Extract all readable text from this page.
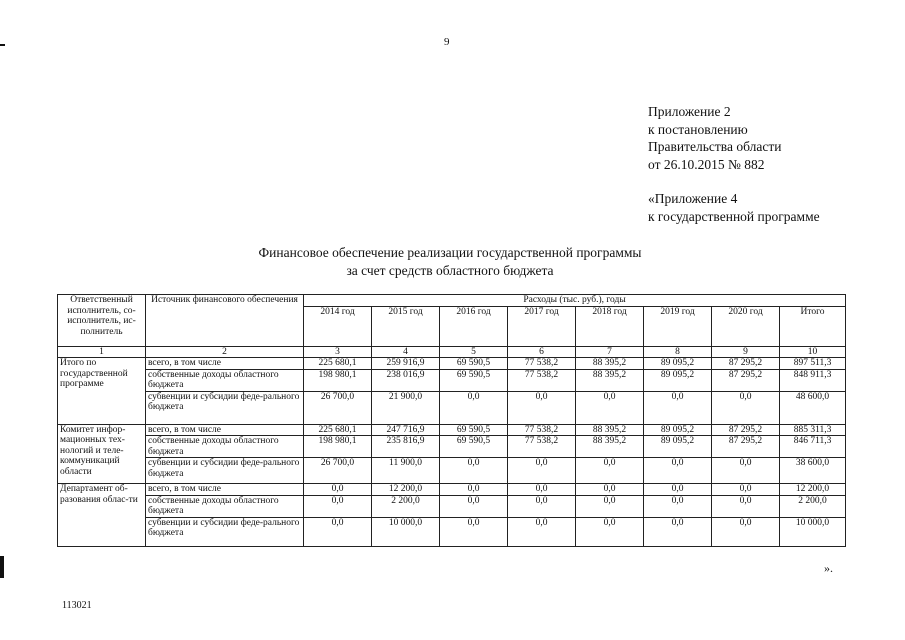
9
Приложение 2
к постановлению
Правительства области
от 26.10.2015 № 882
«Приложение 4
к государственной программе
Финансовое обеспечение реализации государственной программы
за счет средств областного бюджета
Ответственный исполнитель, со-исполнитель, ис-полнитель	Источник финансового обеспечения	Расходы (тыс. руб.), годы							
		2014 год	2015 год	2016 год	2017 год	2018 год	2019 год	2020 год	Итого
1	2	3	4	5	6	7	8	9	10
Итого по государственной программе	всего, в том числе	225 680,1	259 916,9	69 590,5	77 538,2	88 395,2	89 095,2	87 295,2	897 511,3
	собственные доходы областного бюджета	198 980,1	238 016,9	69 590,5	77 538,2	88 395,2	89 095,2	87 295,2	848 911,3
	субвенции и субсидии феде-рального бюджета	26 700,0	21 900,0	0,0	0,0	0,0	0,0	0,0	48 600,0
Комитет инфор-мационных тех-нологий и теле-коммуникаций области	всего, в том числе	225 680,1	247 716,9	69 590,5	77 538,2	88 395,2	89 095,2	87 295,2	885 311,3
	собственные доходы областного бюджета	198 980,1	235 816,9	69 590,5	77 538,2	88 395,2	89 095,2	87 295,2	846 711,3
	субвенции и субсидии феде-рального бюджета	26 700,0	11 900,0	0,0	0,0	0,0	0,0	0,0	38 600,0
Департамент об-разования облас-ти	всего, в том числе	0,0	12 200,0	0,0	0,0	0,0	0,0	0,0	12 200,0
	собственные доходы областного бюджета	0,0	2 200,0	0,0	0,0	0,0	0,0	0,0	2 200,0
	субвенции и субсидии феде-рального бюджета	0,0	10 000,0	0,0	0,0	0,0	0,0	0,0	10 000,0
».
113021
